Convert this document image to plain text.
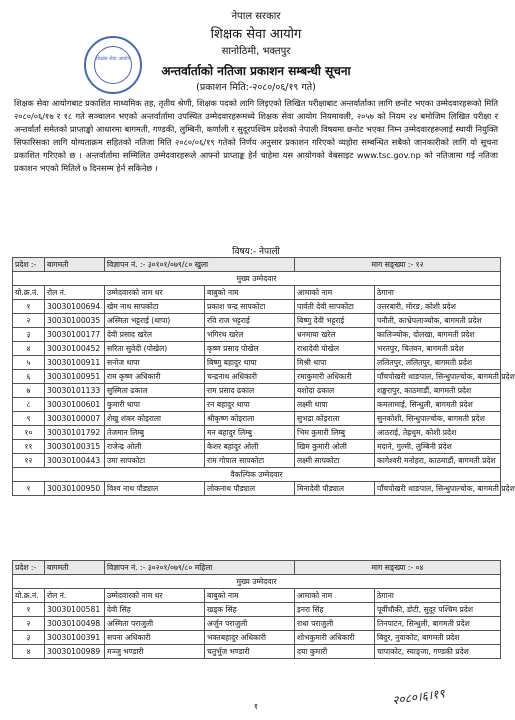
शिक्षक सेवा आयोग
नेपाल सरकार
शिक्षक सेवा आयोग
सानोठिमी, भक्तपुर
अन्तर्वार्ताको नतिजा प्रकाशन सम्बन्धी सूचना
(प्रकाशन मिति:-२०८०/०६/१९ गते)
शिक्षक सेवा आयोगबाट प्रकाशित माध्यमिक तह, तृतीय श्रेणी, शिक्षक पदको लागि लिइएको लिखित परीक्षाबाट अन्तर्वार्ताका लागि छनोट भएका उम्मेदवारहरूको मिति २०८०/०६/१७ र १८ गते सञ्चालन भएको अन्तर्वार्तामा उपस्थित उम्मेदवारहरूमध्ये शिक्षक सेवा आयोग नियमावली, २०५७ को नियम २४ बमोजिम लिखित परीक्षा र अन्तर्वार्ता समेतको प्राप्ताङ्को आधारमा बागमती, गण्डकी, लुम्बिनी, कर्णाली र सुदूरपश्चिम प्रदेशको नेपाली विषयमा छनोट भएका निम्न उम्मेदवारहरूलाई स्थायी नियुक्ति सिफारिसका लागि योग्यताक्रम सहितको नतिजा मिति २०८०/०६/१९ गतेको निर्णय अनुसार प्रकाशन गरिएको व्यहोरा सम्बन्धित सबैको जानकारीको लागि यो सूचना प्रकाशित गरिएको छ । अन्तर्वार्तामा सम्मिलित उम्मेदवारहरूले आफ्नो प्राप्ताङ्क हेर्न चाहेमा यस आयोगको वेबसाइट www.tsc.gov.np को नतिजामा गई नतिजा प्रकाशन भएको मितिले ७ दिनसम्म हेर्न सकिनेछ ।
विषय:- नेपाली
प्रदेश :-	बागमती	विज्ञापन नं. :- ३०१०१/०७९/८० खुला		माग सङ्ख्या :- १२	
मुख्य उम्मेदवार					
यो.क्र.नं.	रोल नं.	उम्मेदवारको नाम थर	बाबुको नाम	आमाको नाम	ठेगाना
१	30030100694	खेम नाथ सापकोटा	प्रकाश चन्द्र सापकोटा	पार्वती देवी सापकोटा	उत्तरबारी, मोरङ, कोशी प्रदेश
२	30030100035	अस्मिता भट्टराई (थापा)	रवि राज भट्टराई	बिष्णु देवी भट्टराई	पनौती, काभ्रेपलाञ्चोक, बागमती प्रदेश
३	30030100177	देवी प्रसाद खरेल	भगिरथ खरेल	धनमाया खरेल	कालिञ्चोक, दोलखा, बागमती प्रदेश
४	30030100452	सरिता सुवेदी (पोखेल)	कृष्ण प्रसाद पोखेल	राधादेवी पोखेल	भरतपुर, चितवन, बागमती प्रदेश
५	30030100911	सनोज थापा	बिष्णु बहादुर थापा	मिश्री थापा	ललितपुर, ललितपुर, बागमती प्रदेश
६	30030100951	राम कृष्ण अधिकारी	चन्द्रनाथ अधिकारी	रमाकुमारी अधिकारी	पाँचपोखरी थाङपाल, सिन्धुपाल्चोक, बागमती प्रदेश
७	30030101133	सुस्मिता ढकाल	राम प्रसाद ढकाल	यशोदा ढकाल	शङ्खरापुर, काठमाडौं, बागमती प्रदेश
८	30030100601	कुमारी थापा	रन बहादुर थापा	लक्ष्मी थापा	कमलामाई, सिन्धुली, बागमती प्रदेश
९	30030100007	शेखु शंकर कोइराला	श्रीकृष्ण कोइराला	सुभद्रा कोइराला	सुनकोशी, सिन्धुपाल्चोक, बागमती प्रदेश
१०	30030101792	तेजमान लिम्बु	मन बहादुर लिम्बु	भिम कुमारी लिम्बु	आठराई, तेह्रथुम, कोशी प्रदेश
११	30030100315	राजेन्द्र ओली	केशर बहादुर ओली	खिम कुमारी ओली	मदाने, गुल्मी, लुम्बिनी प्रदेश
१२	30030100443	उमा सापकोटा	राम गोपाल सापकोटा	लक्ष्मी सापकोटा	कागेश्वरी मनोहरा, काठमाडौं, बागमती प्रदेश
वैकल्पिक उम्मेदवार					
१	30030100950	विश्व नाथ पौड्याल	लोकनाथ पौड्याल	मिनादेवी पौड्याल	पाँचपोखरी थाङपाल, सिन्धुपाल्चोक, बागमती प्रदेश
प्रदेश :-	बागमती	विज्ञापन नं. :- ३०२०१/०७९/८० महिला		माग सङ्ख्या :- ०४	
मुख्य उम्मेदवार					
यो.क्र.नं.	रोल नं.	उम्मेदवारको नाम थर	बाबुको नाम	आमाको नाम	ठेगाना
१	30030100581	देवी सिंह	खड्क सिंह	इनरा सिंह	पूर्वीचौकी, डोटी, सुदूर पश्चिम प्रदेश
२	30030100498	अस्मिता पराजुली	अर्जुन पराजुली	राधा पराजुली	तिनपाटन, सिन्धुली, बागमती प्रदेश
३	30030100391	सपना अधिकारी	भक्तबहादुर अधिकारी	शोभकुमारी अधिकारी	बिदुर, नुवाकोट, बागमती प्रदेश
४	30030100989	मञ्जु भण्डारी	चतुर्भुज भण्डारी	दया कुमारी	चापाकोट, स्याङ्जा, गण्डकी प्रदेश
२०८०।६।१९
१
